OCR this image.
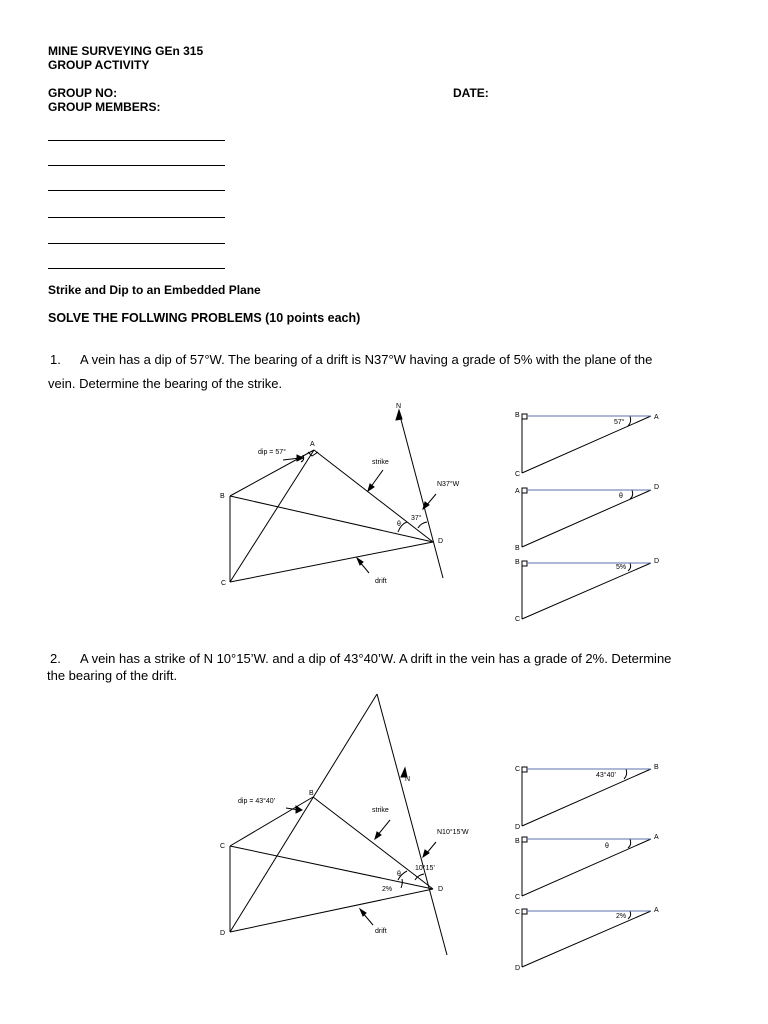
MINE SURVEYING GEn 315
GROUP ACTIVITY
GROUP NO:	DATE:
GROUP MEMBERS:
Strike and Dip to an Embedded Plane
SOLVE THE FOLLWING PROBLEMS (10 points each)
1. A vein has a dip of 57°W. The bearing of a drift is N37°W having a grade of 5% with the plane of the
vein. Determine the bearing of the strike.
N
A
B
C
D
dip = 57°
strike
N37°W
θ
37°
drift
B
C
A
57°
A
B
D
θ
B
C
D
5%
2. A vein has a strike of N 10°15’W. and a dip of 43°40’W. A drift in the vein has a grade of 2%. Determine
the bearing of the drift.
N
B
C
D
D
dip = 43°40’
strike
N10°15’W
θ
10°15’
2%
drift
C
D
B
43°40’
B
C
A
θ
C
D
A
2%
